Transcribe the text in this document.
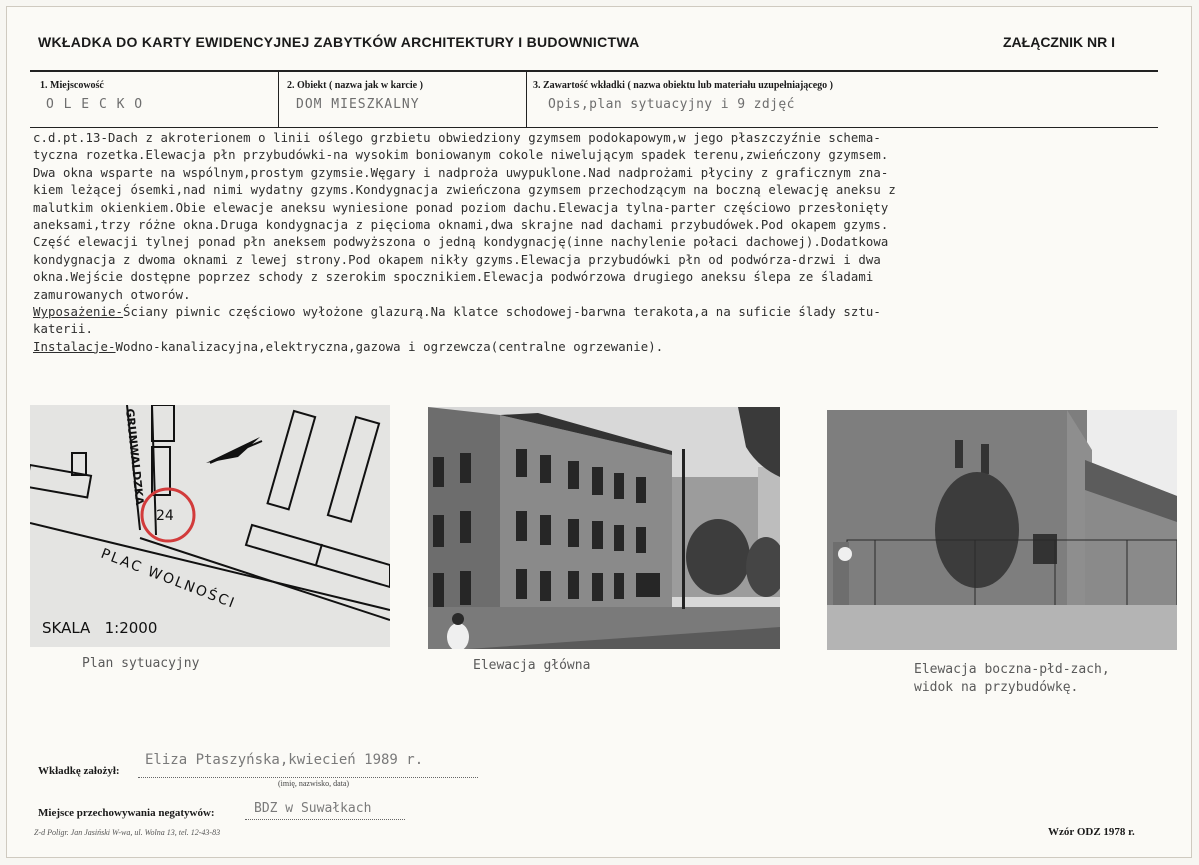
WKŁADKA DO KARTY EWIDENCYJNEJ ZABYTKÓW ARCHITEKTURY I BUDOWNICTWA	ZAŁĄCZNIK NR I
1. Miejscowość
O L E C K O
2. Obiekt ( nazwa jak w karcie )
DOM MIESZKALNY
3. Zawartość wkładki ( nazwa obiektu lub materiału uzupełniającego )
Opis,plan sytuacyjny i 9 zdjęć
c.d.pt.13-Dach z akroterionem o linii oślego grzbietu obwiedziony gzymsem podokapowym,w jego płaszczyźnie schema-
tyczna rozetka.Elewacja płn przybudówki-na wysokim boniowanym cokole niwelującym spadek terenu,zwieńczony gzymsem.
Dwa okna wsparte na wspólnym,prostym gzymsie.Węgary i nadproża uwypuklone.Nad nadprożami płyciny z graficznym zna-
kiem leżącej ósemki,nad nimi wydatny gzyms.Kondygnacja zwieńczona gzymsem przechodzącym na boczną elewację aneksu z
malutkim okienkiem.Obie elewacje aneksu wyniesione ponad poziom dachu.Elewacja tylna-parter częściowo przesłonięty
aneksami,trzy różne okna.Druga kondygnacja z pięcioma oknami,dwa skrajne nad dachami przybudówek.Pod okapem gzyms.
Część elewacji tylnej ponad płn aneksem podwyższona o jedną kondygnację(inne nachylenie połaci dachowej).Dodatkowa
kondygnacja z dwoma oknami z lewej strony.Pod okapem nikły gzyms.Elewacja przybudówki płn od podwórza-drzwi i dwa
okna.Wejście dostępne poprzez schody z szerokim spocznikiem.Elewacja podwórzowa drugiego aneksu ślepa ze śladami
zamurowanych otworów.
Wyposażenie-Ściany piwnic częściowo wyłożone glazurą.Na klatce schodowej-barwna terakota,a na suficie ślady sztu-
katerii.
Instalacje-Wodno-kanalizacyjna,elektryczna,gazowa i ogrzewcza(centralne ogrzewanie).
GRUNWALDZKA
PLAC WOLNOŚCI
24
SKALA   1:2000
Plan sytuacyjny	Elewacja główna	Elewacja boczna-płd-zach,
widok na przybudówkę.
Wkładkę założył:
Eliza Ptaszyńska,kwiecień 1989 r.
(imię, nazwisko, data)
Miejsce przechowywania negatywów:	BDZ w Suwałkach
Z-d Poligr. Jan Jasiński W-wa, ul. Wolna 13, tel. 12-43-83	Wzór ODZ 1978 r.
